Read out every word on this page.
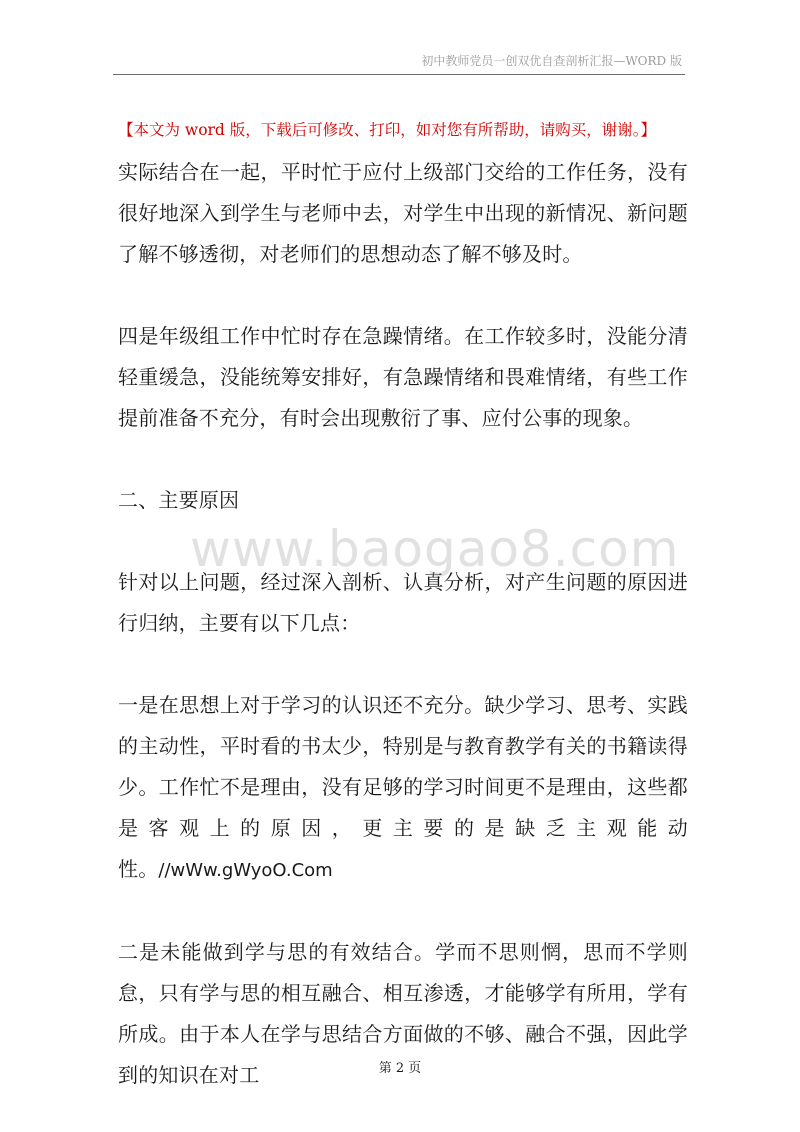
初中教师党员一创双优自查剖析汇报—WORD 版
【本文为 word 版，下载后可修改、打印，如对您有所帮助，请购买，谢谢。】

实际结合在一起，平时忙于应付上级部门交给的工作任务，没有很好地深入到学生与老师中去，对学生中出现的新情况、新问题了解不够透彻，对老师们的思想动态了解不够及时。

四是年级组工作中忙时存在急躁情绪。在工作较多时，没能分清轻重缓急，没能统筹安排好，有急躁情绪和畏难情绪，有些工作提前准备不充分，有时会出现敷衍了事、应付公事的现象。

二、主要原因

针对以上问题，经过深入剖析、认真分析，对产生问题的原因进行归纳，主要有以下几点：

一是在思想上对于学习的认识还不充分。缺少学习、思考、实践的主动性，平时看的书太少，特别是与教育教学有关的书籍读得少。工作忙不是理由，没有足够的学习时间更不是理由，这些都是客观上的原因，更主要的是缺乏主观能动性。//wWw.gWyoO.Com

二是未能做到学与思的有效结合。学而不思则惘，思而不学则怠，只有学与思的相互融合、相互渗透，才能够学有所用，学有所成。由于本人在学与思结合方面做的不够、融合不强，因此学到的知识在对工

www.baogao8.com
第 2 页
